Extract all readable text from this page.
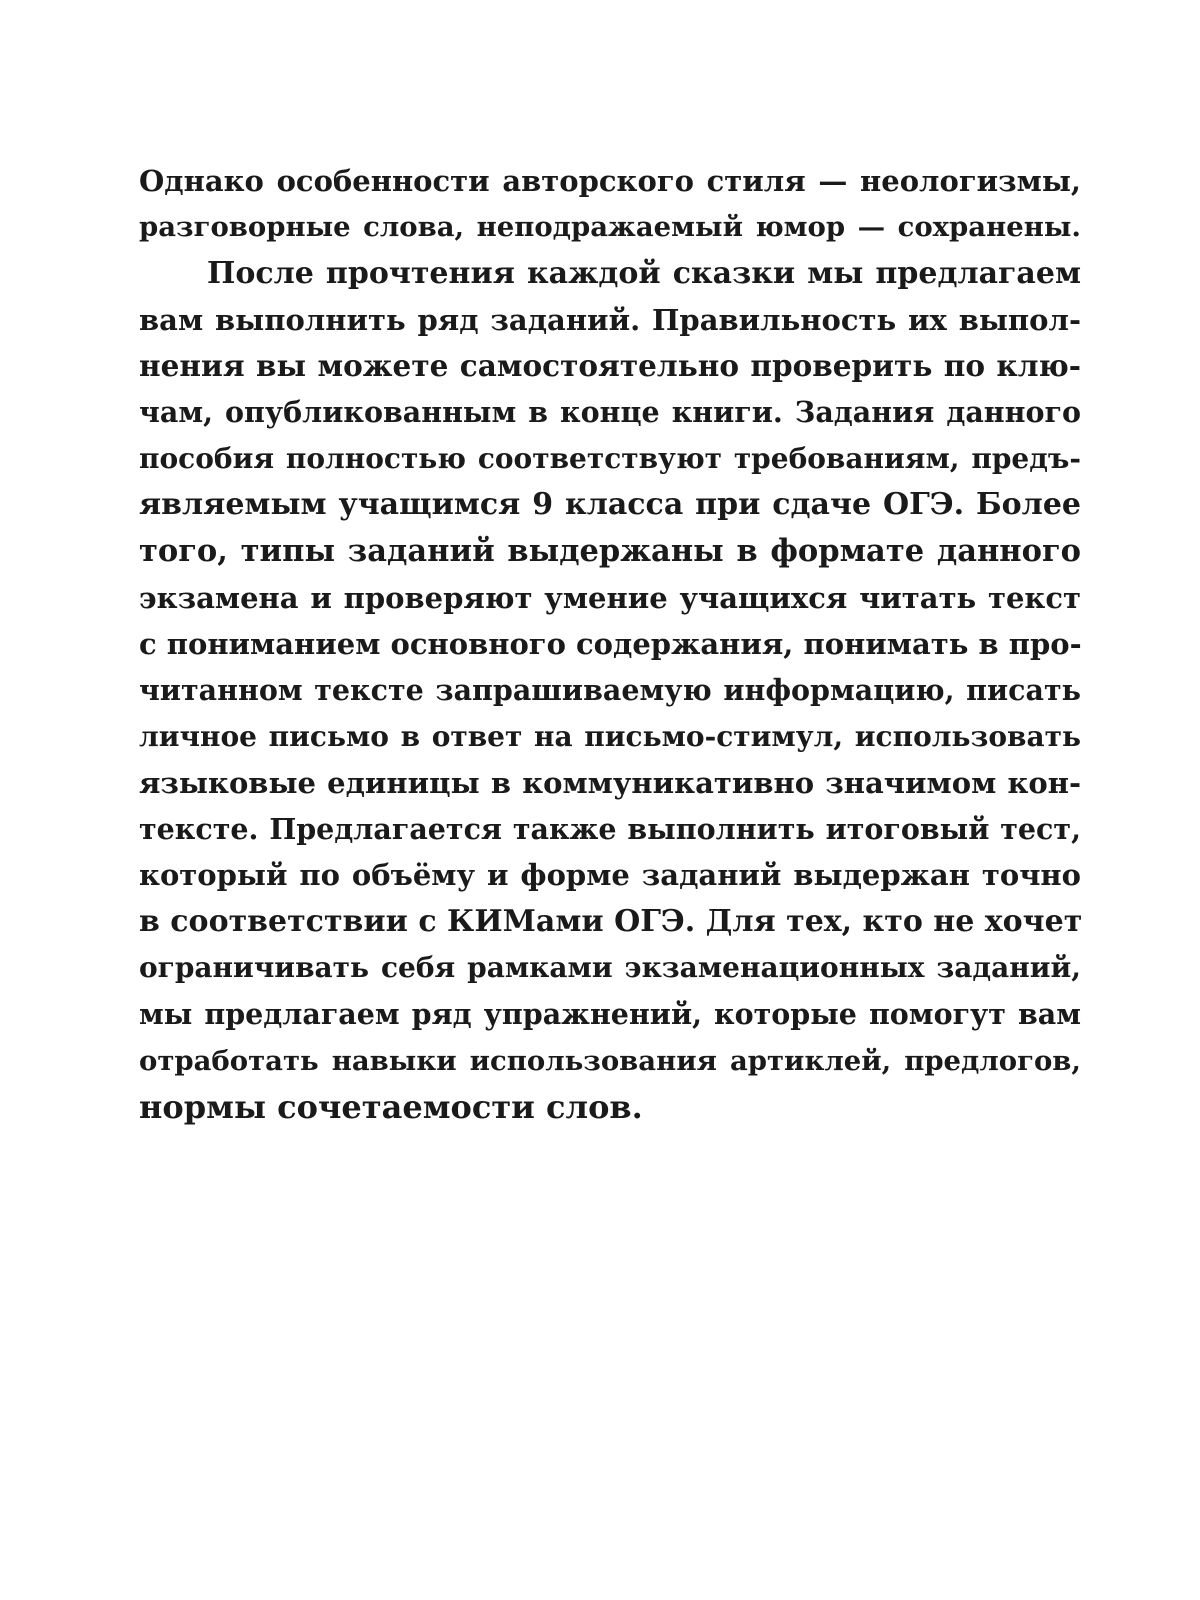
Однако особенности авторского стиля — неологизмы,
разговорные слова, неподражаемый юмор — сохранены.
После прочтения каждой сказки мы предлагаем
вам выполнить ряд заданий. Правильность их выпол-
нения вы можете самостоятельно проверить по клю-
чам, опубликованным в конце книги. Задания данного
пособия полностью соответствуют требованиям, предъ-
являемым учащимся 9 класса при сдаче ОГЭ. Более
того, типы заданий выдержаны в формате данного
экзамена и проверяют умение учащихся читать текст
с пониманием основного содержания, понимать в про-
читанном тексте запрашиваемую информацию, писать
личное письмо в ответ на письмо-стимул, использовать
языковые единицы в коммуникативно значимом кон-
тексте. Предлагается также выполнить итоговый тест,
который по объёму и форме заданий выдержан точно
в соответствии с КИМами ОГЭ. Для тех, кто не хочет
ограничивать себя рамками экзаменационных заданий,
мы предлагаем ряд упражнений, которые помогут вам
отработать навыки использования артиклей, предлогов,
нормы сочетаемости слов.
